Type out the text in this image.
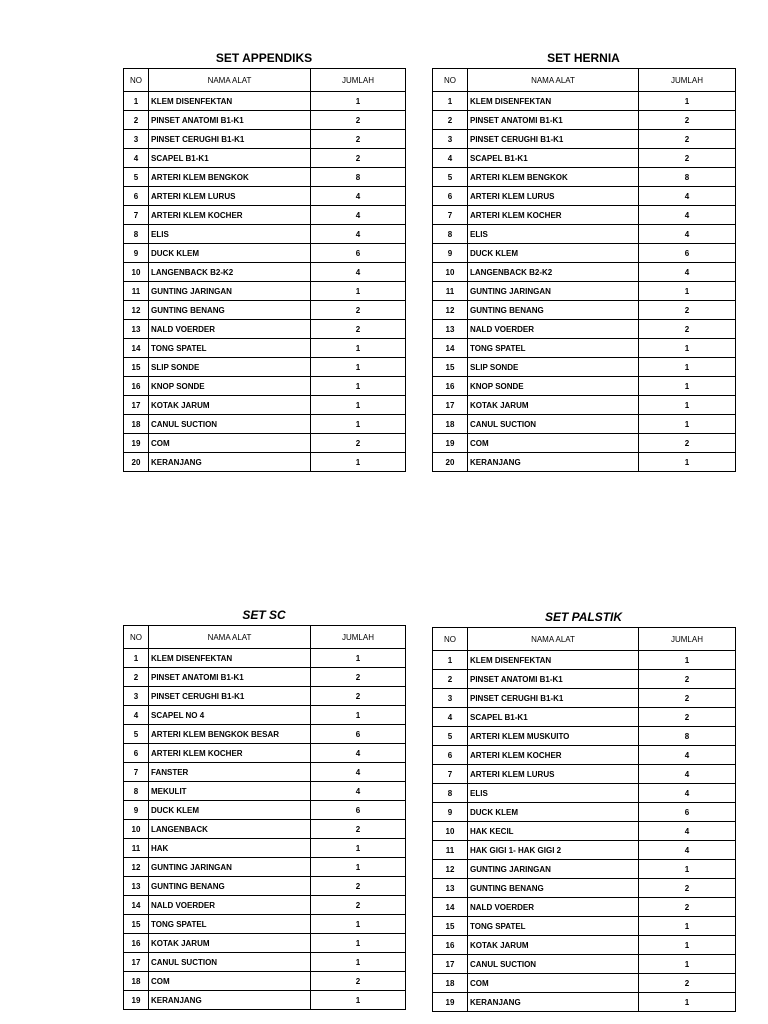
SET APPENDIKS
NO	NAMA ALAT	JUMLAH
1	KLEM DISENFEKTAN	1
2	PINSET ANATOMI B1-K1	2
3	PINSET CERUGHI B1-K1	2
4	SCAPEL B1-K1	2
5	ARTERI KLEM BENGKOK	8
6	ARTERI KLEM LURUS	4
7	ARTERI KLEM KOCHER	4
8	ELIS	4
9	DUCK KLEM	6
10	LANGENBACK B2-K2	4
11	GUNTING JARINGAN	1
12	GUNTING BENANG	2
13	NALD VOERDER	2
14	TONG SPATEL	1
15	SLIP SONDE	1
16	KNOP SONDE	1
17	KOTAK JARUM	1
18	CANUL SUCTION	1
19	COM	2
20	KERANJANG	1
SET HERNIA
NO	NAMA ALAT	JUMLAH
1	KLEM DISENFEKTAN	1
2	PINSET ANATOMI B1-K1	2
3	PINSET CERUGHI B1-K1	2
4	SCAPEL B1-K1	2
5	ARTERI KLEM BENGKOK	8
6	ARTERI KLEM LURUS	4
7	ARTERI KLEM KOCHER	4
8	ELIS	4
9	DUCK KLEM	6
10	LANGENBACK B2-K2	4
11	GUNTING JARINGAN	1
12	GUNTING BENANG	2
13	NALD VOERDER	2
14	TONG SPATEL	1
15	SLIP SONDE	1
16	KNOP SONDE	1
17	KOTAK JARUM	1
18	CANUL SUCTION	1
19	COM	2
20	KERANJANG	1
SET SC
NO	NAMA ALAT	JUMLAH
1	KLEM DISENFEKTAN	1
2	PINSET ANATOMI B1-K1	2
3	PINSET CERUGHI B1-K1	2
4	SCAPEL NO 4	1
5	ARTERI KLEM BENGKOK BESAR	6
6	ARTERI KLEM KOCHER	4
7	FANSTER	4
8	MEKULIT	4
9	DUCK KLEM	6
10	LANGENBACK	2
11	HAK	1
12	GUNTING JARINGAN	1
13	GUNTING BENANG	2
14	NALD VOERDER	2
15	TONG SPATEL	1
16	KOTAK JARUM	1
17	CANUL SUCTION	1
18	COM	2
19	KERANJANG	1
SET PALSTIK
NO	NAMA ALAT	JUMLAH
1	KLEM DISENFEKTAN	1
2	PINSET ANATOMI B1-K1	2
3	PINSET CERUGHI B1-K1	2
4	SCAPEL B1-K1	2
5	ARTERI KLEM MUSKUITO	8
6	ARTERI KLEM KOCHER	4
7	ARTERI KLEM LURUS	4
8	ELIS	4
9	DUCK KLEM	6
10	HAK KECIL	4
11	HAK GIGI 1- HAK GIGI 2	4
12	GUNTING JARINGAN	1
13	GUNTING BENANG	2
14	NALD VOERDER	2
15	TONG SPATEL	1
16	KOTAK JARUM	1
17	CANUL SUCTION	1
18	COM	2
19	KERANJANG	1
